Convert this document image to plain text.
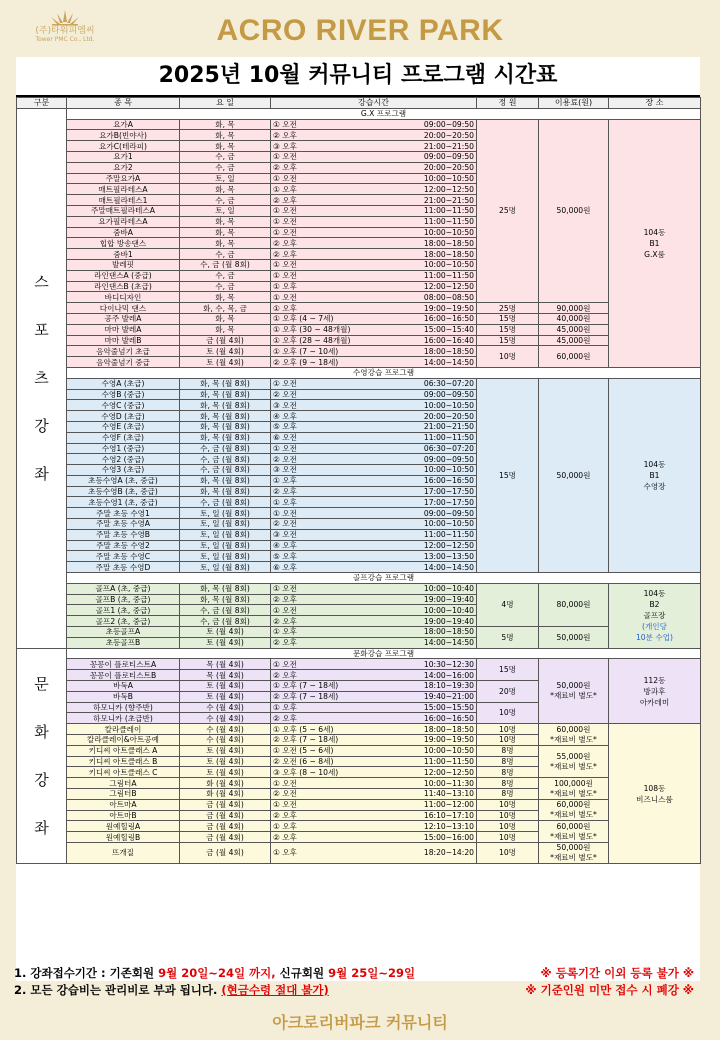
(주)타워피엠씨
Tower PMC Co., Ltd.	ACRO RIVER PARK
2025년 10월 커뮤니티 프로그램 시간표
구분	종 목	요 일	강습시간	정 원	이용료(원)	장 소
스

포

츠

강

좌	G.X 프로그램					
	요가A	화, 목	① 오전 09:00~09:50	25명	50,000원	104동
B1
G.X룸
	요가B(빈야사)	화, 목	② 오후 20:00~20:50			

	요가C(테라피)	화, 목	③ 오후 21:00~21:50			

	요가1	수, 금	① 오전 09:00~09:50			

	요가2	수, 금	② 오후 20:00~20:50			

	주말요가A	토, 일	① 오전 10:00~10:50			

	매트필라테스A	화, 목	① 오후 12:00~12:50			

	매트필라테스1	수, 금	② 오후 21:00~21:50			

	주말매트필라테스A	토, 일	① 오전 11:00~11:50			

	요가필라테스A	화, 목	① 오전 11:00~11:50			

	줌바A	화, 목	① 오전 10:00~10:50			

	힙합 방송댄스	화, 목	② 오후 18:00~18:50			

	줌바1	수, 금	② 오후 18:00~18:50			

	발레핏	수, 금 (월 8회)	① 오전 10:00~10:50			

	라인댄스A (중급)	수, 금	① 오전 11:00~11:50			

	라인댄스B (초급)	수, 금	① 오후 12:00~12:50			

	바디디자인	화, 목	① 오전 08:00~08:50			

	다이나믹 댄스	화, 수, 목, 금	① 오후 19:00~19:50	25명	90,000원	
	공주 발레A	화, 목	① 오후 (4 ~ 7세) 16:00~16:50	15명	40,000원	
	마마 발레A	화, 목	① 오후 (30 ~ 48개월) 15:00~15:40	15명	45,000원	
	마마 발레B	금 (월 4회)	① 오후 (28 ~ 48개월) 16:00~16:40	15명	45,000원	
	음악줄넘기 초급	토 (월 4회)	① 오후 (7 ~ 10세) 18:00~18:50	10명	60,000원	
	음악줄넘기 중급	토 (월 4회)	② 오후 (9 ~ 18세) 14:00~14:50			

	수영강습 프로그램					
	수영A (초급)	화, 목 (월 8회)	① 오전 06:30~07:20	15명	50,000원	104동
B1
수영장
	수영B (중급)	화, 목 (월 8회)	② 오전 09:00~09:50			

	수영C (중급)	화, 목 (월 8회)	③ 오전 10:00~10:50			

	수영D (초급)	화, 목 (월 8회)	④ 오후 20:00~20:50			

	수영E (초급)	화, 목 (월 8회)	⑤ 오후 21:00~21:50			

	수영F (초급)	화, 목 (월 8회)	⑥ 오전 11:00~11:50			

	수영1 (중급)	수, 금 (월 8회)	① 오전 06:30~07:20			

	수영2 (중급)	수, 금 (월 8회)	② 오전 09:00~09:50			

	수영3 (초급)	수, 금 (월 8회)	③ 오전 10:00~10:50			

	초등수영A (초, 중급)	화, 목 (월 8회)	① 오후 16:00~16:50			

	초등수영B (초, 중급)	화, 목 (월 8회)	② 오후 17:00~17:50			

	초등수영1 (초, 중급)	수, 금 (월 8회)	① 오후 17:00~17:50			

	주말 초등 수영1	토, 일 (월 8회)	① 오전 09:00~09:50			

	주말 초등 수영A	토, 일 (월 8회)	② 오전 10:00~10:50			

	주말 초등 수영B	토, 일 (월 8회)	③ 오전 11:00~11:50			

	주말 초등 수영2	토, 일 (월 8회)	④ 오후 12:00~12:50			

	주말 초등 수영C	토, 일 (월 8회)	⑤ 오후 13:00~13:50			

	주말 초등 수영D	토, 일 (월 8회)	⑥ 오후 14:00~14:50			

	골프강습 프로그램					
	골프A (초, 중급)	화, 목 (월 8회)	① 오전 10:00~10:40	4명	80,000원	104동
B2
골프장
(개인당
10분 수업)
	골프B (초, 중급)	화, 목 (월 8회)	② 오후 19:00~19:40			

	골프1 (초, 중급)	수, 금 (월 8회)	① 오전 10:00~10:40			

	골프2 (초, 중급)	수, 금 (월 8회)	② 오후 19:00~19:40			

	초등골프A	토 (월 4회)	① 오후 18:00~18:50	5명	50,000원	
	초등골프B	토 (월 4회)	② 오후 14:00~14:50			

문

화

강

좌	문화강습 프로그램					
	꽁꽁이 플로티스트A	목 (월 4회)	① 오전 10:30~12:30	15명	50,000원
*재료비 별도*	112동
방과후
아카데미
	꽁꽁이 플로티스트B	목 (월 4회)	② 오후 14:00~16:00			

	바둑A	토 (월 4회)	① 오후 (7 ~ 18세) 18:10~19:30	20명		
	바둑B	토 (월 4회)	② 오후 (7 ~ 18세) 19:40~21:00			

	하모니카 (향주반)	수 (월 4회)	① 오후 15:00~15:50	10명		
	하모니카 (초급반)	수 (월 4회)	② 오후 16:00~16:50			

	칼라클레이	수 (월 4회)	① 오후 (5 ~ 6세) 18:00~18:50	10명	60,000원
*재료비 별도*	108동
비즈니스룸
	칼라클레이&아트공예	수 (월 4회)	② 오후 (7 ~ 18세) 19:00~19:50	10명		
	키디씨 아트클래스 A	토 (월 4회)	① 오전 (5 ~ 6세) 10:00~10:50	8명	55,000원
*재료비 별도*	
	키디씨 아트클래스 B	토 (월 4회)	② 오전 (6 ~ 8세) 11:00~11:50	8명		
	키디씨 아트클래스 C	토 (월 4회)	③ 오후 (8 ~ 10세) 12:00~12:50	8명		
	그림터A	화 (월 4회)	① 오전 10:00~11:30	8명	100,000원
*재료비 별도*	
	그림터B	화 (월 4회)	② 오전 11:40~13:10	8명		
	아트마A	금 (월 4회)	① 오전 11:00~12:00	10명	60,000원
*재료비 별도*	
	아트마B	금 (월 4회)	② 오후 16:10~17:10	10명		
	원예힐링A	금 (월 4회)	① 오후 12:10~13:10	10명	60,000원
*재료비 별도*	
	원예힐링B	금 (월 4회)	② 오후 15:00~16:00	10명		
	뜨개질	금 (월 4회)	① 오후 18:20~14:20	10명	50,000원
*재료비 별도*	
1. 강좌접수기간 : 기존회원 9월 20일~24일 까지, 신규회원 9월 25일~29일	※ 등록기간 이외 등록 불가 ※
2. 모든 강습비는 관리비로 부과 됩니다. (현금수령 절대 불가)	※ 기준인원 미만 접수 시 폐강 ※
아크로리버파크 커뮤니티
